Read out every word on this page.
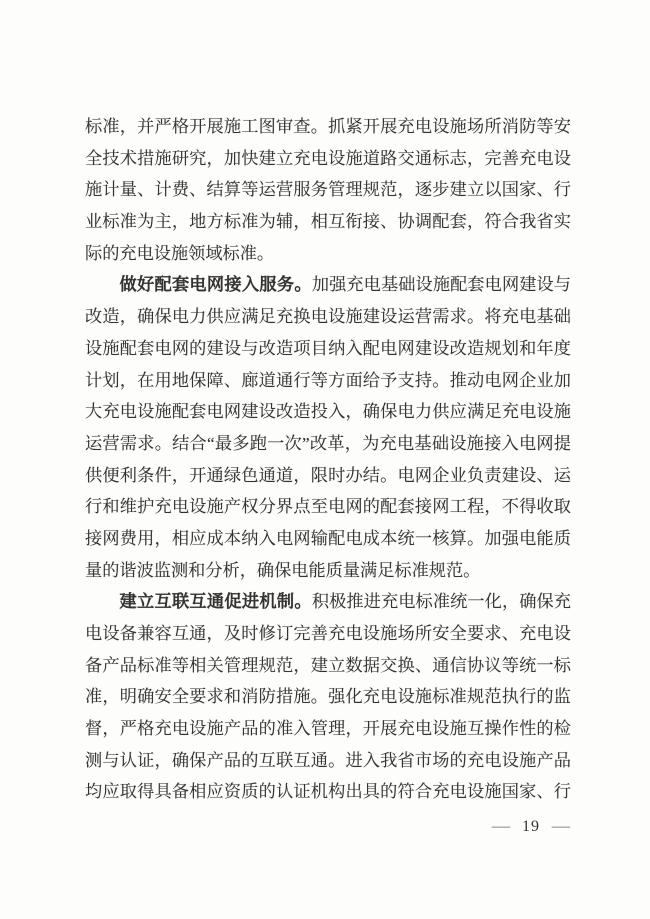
标准，并严格开展施工图审查。抓紧开展充电设施场所消防等安
全技术措施研究，加快建立充电设施道路交通标志，完善充电设
施计量、计费、结算等运营服务管理规范，逐步建立以国家、行
业标准为主，地方标准为辅，相互衔接、协调配套，符合我省实
际的充电设施领域标准。
做好配套电网接入服务。加强充电基础设施配套电网建设与
改造，确保电力供应满足充换电设施建设运营需求。将充电基础
设施配套电网的建设与改造项目纳入配电网建设改造规划和年度
计划，在用地保障、廊道通行等方面给予支持。推动电网企业加
大充电设施配套电网建设改造投入，确保电力供应满足充电设施
运营需求。结合“最多跑一次”改革，为充电基础设施接入电网提
供便利条件，开通绿色通道，限时办结。电网企业负责建设、运
行和维护充电设施产权分界点至电网的配套接网工程，不得收取
接网费用，相应成本纳入电网输配电成本统一核算。加强电能质
量的谐波监测和分析，确保电能质量满足标准规范。
建立互联互通促进机制。积极推进充电标准统一化，确保充
电设备兼容互通，及时修订完善充电设施场所安全要求、充电设
备产品标准等相关管理规范，建立数据交换、通信协议等统一标
准，明确安全要求和消防措施。强化充电设施标准规范执行的监
督，严格充电设施产品的准入管理，开展充电设施互操作性的检
测与认证，确保产品的互联互通。进入我省市场的充电设施产品
均应取得具备相应资质的认证机构出具的符合充电设施国家、行
— 19 —
